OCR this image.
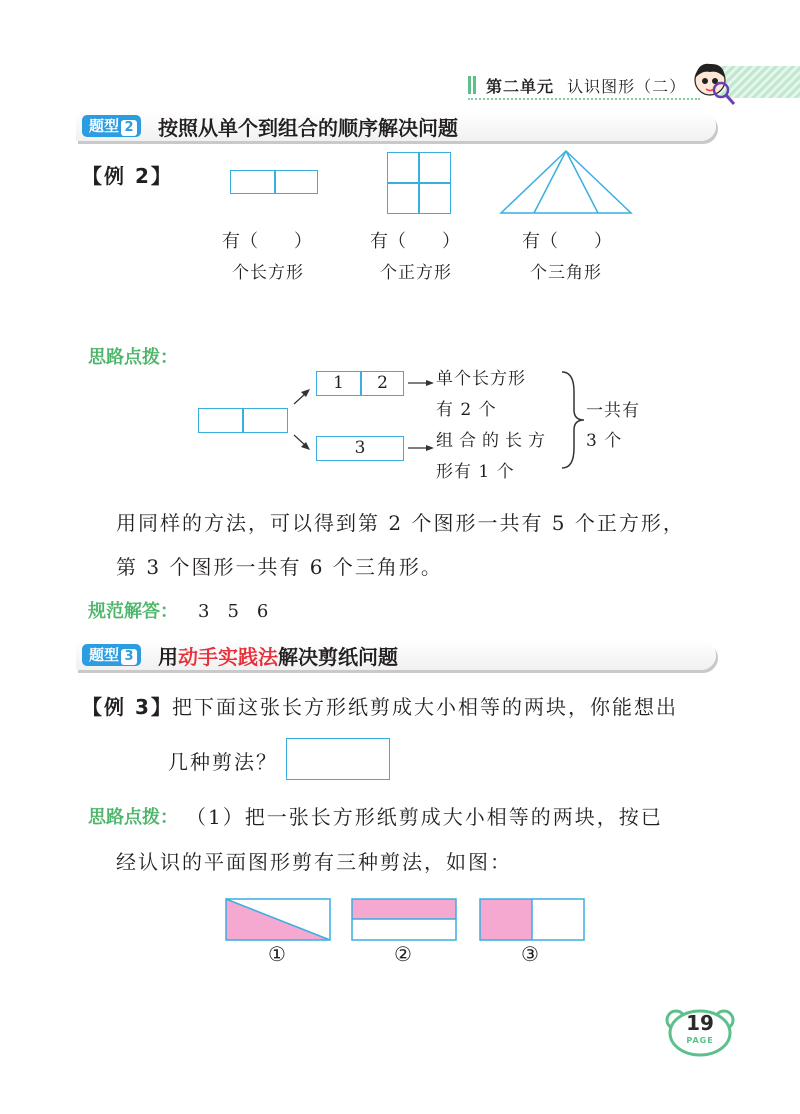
第二单元 认识图形（二）
题型 2	按照从单个到组合的顺序解决问题
【例 2】
有（　　）	有（　　）	有（　　）
个长方形	个正方形	个三角形
思路点拨：
1	2
3
单个长方形
有 2 个
组合的长方
形有 1 个
一共有
3 个
用同样的方法，可以得到第 2 个图形一共有 5 个正方形，
第 3 个图形一共有 6 个三角形。
规范解答： 3　5　6
题型 3	用动手实践法解决剪纸问题
【例 3】 把下面这张长方形纸剪成大小相等的两块，你能想出
几种剪法？
思路点拨： （1）把一张长方形纸剪成大小相等的两块，按已
经认识的平面图形剪有三种剪法，如图：
①	②	③
19
PAGE
